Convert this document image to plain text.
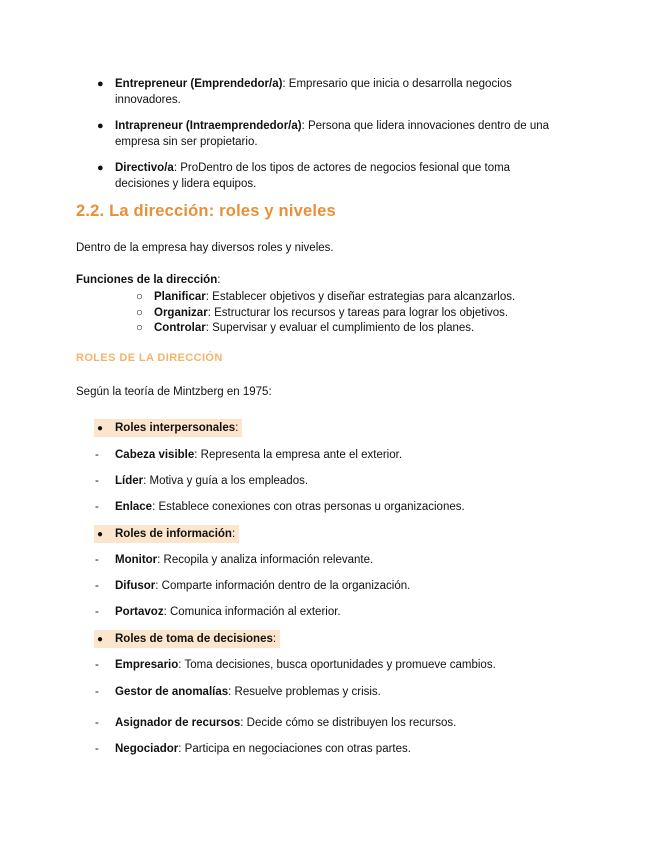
● Entrepreneur (Emprendedor/a): Empresario que inicia o desarrolla negocios
innovadores.
● Intrapreneur (Intraemprendedor/a): Persona que lidera innovaciones dentro de una
empresa sin ser propietario.
● Directivo/a: ProDentro de los tipos de actores de negocios fesional que toma
decisiones y lidera equipos.
2.2. La dirección: roles y niveles
Dentro de la empresa hay diversos roles y niveles.
Funciones de la dirección:
○ Planificar: Establecer objetivos y diseñar estrategias para alcanzarlos.
○ Organizar: Estructurar los recursos y tareas para lograr los objetivos.
○ Controlar: Supervisar y evaluar el cumplimiento de los planes.
ROLES DE LA DIRECCIÓN
Según la teoría de Mintzberg en 1975:
● Roles interpersonales:
- Cabeza visible: Representa la empresa ante el exterior.
- Líder: Motiva y guía a los empleados.
- Enlace: Establece conexiones con otras personas u organizaciones.
● Roles de información:
- Monitor: Recopila y analiza información relevante.
- Difusor: Comparte información dentro de la organización.
- Portavoz: Comunica información al exterior.
● Roles de toma de decisiones:
- Empresario: Toma decisiones, busca oportunidades y promueve cambios.
- Gestor de anomalías: Resuelve problemas y crisis.
- Asignador de recursos: Decide cómo se distribuyen los recursos.
- Negociador: Participa en negociaciones con otras partes.
